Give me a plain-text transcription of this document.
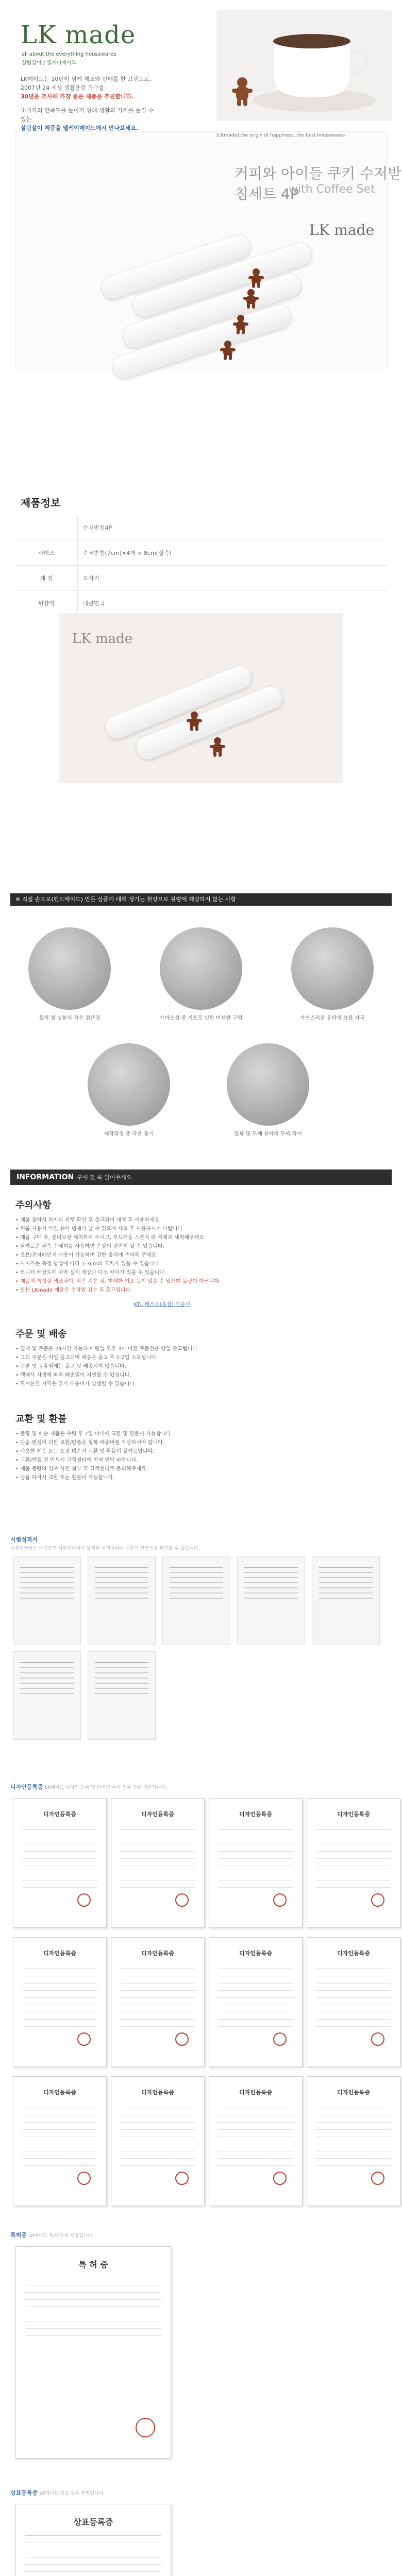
LK made
all about the everything housewares
살림살이 / 엘케이메이드

LK메이드는 10년이 넘게 제조와 판매를 한 브랜드로,
2007년 24 세상 생활용품 가구를
30년을 조사해 가장 좋은 제품을 추천합니다.

소비자의 만족도를 높이기 위해 생활의 가치를 높일 수 있는
살림살이 제품을 엘케이메이드에서 만나보세요.

[LKmade] the origin of happiness, the best housewares
커피와 아이들 쿠키 수저받침세트 4P
with Coffee Set
LK made
제품정보
	수저받침4P
사이즈	수저받침(7cm)×4개 × 8cm(실측)
재 질	도자기
원산지	대한민국
LK made
※ 직접 손으로(핸드메이드) 만든 상품에 대해 생기는 현상으로 불량에 해당하지 않는 사항
흙의 철 성분의 작은 검은점	가마소성 중 기포로 인한 미세한 구멍	자연스러운 유약의 흐름 자국
제작과정 중 작은 돌기	얼룩 및 두께 유약의 두께 차이
INFORMATION 구매 전 꼭 읽어주세요.
주의사항
• 제품 출하시 하자의 유무 확인 후 출고되어 세척 후 사용하세요.
• 처음 사용시 약간 유약 냄새가 날 수 있으며 세척 후 사용하시기 바랍니다.
• 제품 구매 후, 분리보관 세척하여 주시고, 부드러운 스폰지 와 세제로 세척해주세요.
• 날카로운 금속 수세미를 사용하면 손상의 원인이 될 수 있습니다.
• 오븐/전자레인지 사용이 가능하며 강한 충격에 주의해 주세요.
• 사이즈는 측정 방법에 따라 1-3cm의 오차가 있을 수 있습니다.
• 모니터 해상도에 따라 실제 색상과 다소 차이가 있을 수 있습니다.
• 제품의 특성상 색조차이, 작은 검은 점, 미세한 기포 등이 있을 수 있으며 불량이 아닙니다.
• 모든 LKmade 제품은 수작업 검수 후 출고됩니다.
KTL 테스트(품질) 인증서
주문 및 배송
• 결제 및 주문은 24시간 가능하며 평일 오후 3시 이전 주문건은 당일 출고됩니다.
• 그외 주문은 익일 출고되며 배송은 출고 후 1-2일 소요됩니다.
• 주말 및 공휴일에는 출고 및 배송되지 않습니다.
• 택배사 사정에 따라 배송일이 지연될 수 있습니다.
• 도서산간 지역은 추가 배송비가 발생할 수 있습니다.
교환 및 환불
• 불량 및 파손 제품은 수령 후 7일 이내에 교환 및 환불이 가능합니다.
• 단순 변심에 의한 교환/반품은 왕복 배송비를 부담하셔야 합니다.
• 사용한 제품 또는 포장 훼손시 교환 및 환불이 불가능합니다.
• 교환/반품 전 반드시 고객센터에 먼저 연락 바랍니다.
• 제품 불량의 경우 사진 첨부 후 고객센터로 문의해주세요.
• 상품 하자시 교환 또는 환불이 가능합니다.
시험성적서
시험성적서는 국가공인 시험기관에서 발행한 성적서이며 제품의 안전성을 확인할 수 있습니다.
디자인등록증 LK메이드 디자인 등록 및 디자인 특허 등록 받은 제품입니다.
디자인등록증	디자인등록증	디자인등록증	디자인등록증
디자인등록증	디자인등록증	디자인등록증	디자인등록증
디자인등록증	디자인등록증	디자인등록증	디자인등록증
특허증 LK메이드 특허 등록 제품입니다.
특 허 증
상표등록증 LK메이드 상표 등록 증명입니다.
상표등록증
